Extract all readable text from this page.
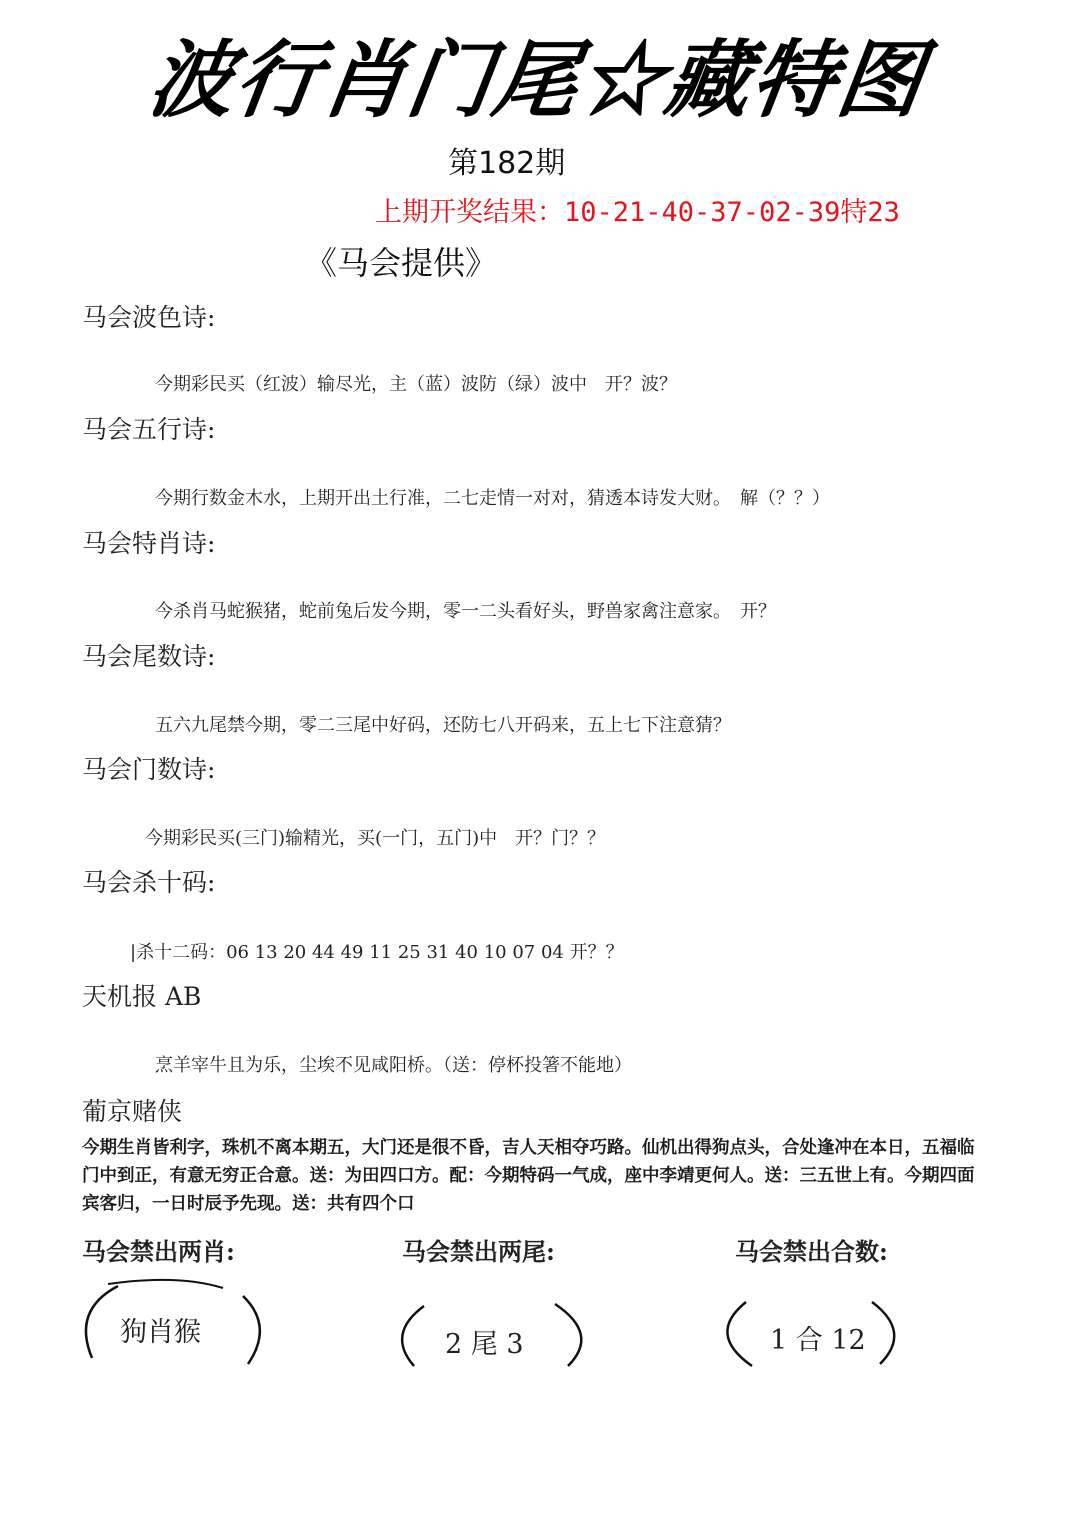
波行肖门尾☆藏特图
第182期
上期开奖结果：10-21-40-37-02-39特23
《马会提供》
马会波色诗:
今期彩民买（红波）输尽光，主（蓝）波防（绿）波中　开？波？
马会五行诗:
今期行数金木水，上期开出土行准，二七走情一对对，猜透本诗发大财。　解（？？）
马会特肖诗:
今杀肖马蛇猴猪，蛇前兔后发今期，零一二头看好头，野兽家禽注意家。　开？
马会尾数诗:
五六九尾禁今期，零二三尾中好码，还防七八开码来，五上七下注意猜？
马会门数诗:
今期彩民买(三门)输精光，买(一门，五门)中　开？门？？
马会杀十码:
|杀十二码：06 13 20 44 49 11 25 31 40 10 07 04 开？？
天机报 AB
烹羊宰牛且为乐，尘埃不见咸阳桥。（送：停杯投箸不能地）
葡京赌侠
今期生肖皆利字，珠机不离本期五，大门还是很不昏，吉人天相夺巧路。仙机出得狗点头，合处逢冲在本日，五福临门中到正，有意无穷正合意。送：为田四口方。配：今期特码一气成，座中李靖更何人。送：三五世上有。今期四面宾客归，一日时辰予先现。送：共有四个口
马会禁出两肖:	马会禁出两尾:	马会禁出合数:
狗肖猴	2 尾 3	1 合 12
